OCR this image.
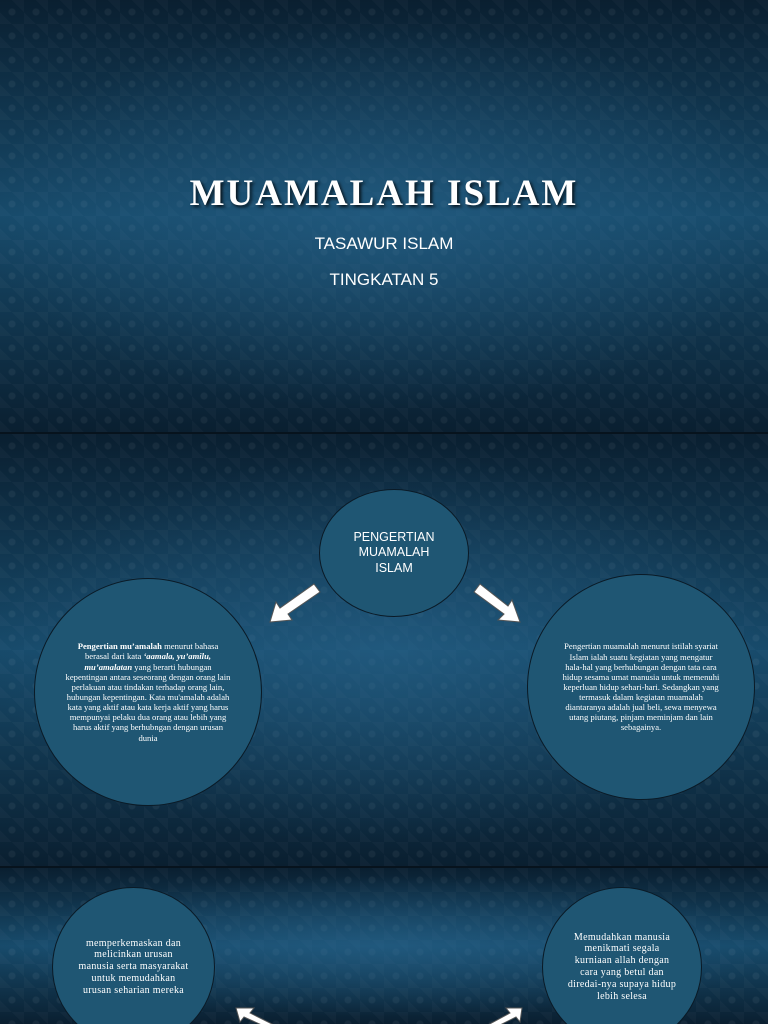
MUAMALAH ISLAM
TASAWUR ISLAM
TINGKATAN 5
PENGERTIAN MUAMALAH ISLAM
Pengertian mu’amalah menurut bahasa berasal dari kata ‘aamala, yu’amilu, mu’amalatan yang berarti hubungan kepentingan antara seseorang dengan orang lain perlakuan atau tindakan terhadap orang lain, hubungan kepentingan. Kata mu'amalah adalah kata yang aktif atau kata kerja aktif yang harus mempunyai pelaku dua orang atau lebih yang harus aktif yang berhubngan dengan urusan dunia
Pengertian muamalah menurut istilah syariat Islam ialah suatu kegiatan yang mengatur hala-hal yang berhubungan dengan tata cara hidup sesama umat manusia untuk memenuhi keperluan hidup sehari-hari. Sedangkan yang termasuk dalam kegiatan muamalah diantaranya adalah jual beli, sewa menyewa utang piutang, pinjam meminjam dan lain sebagainya.
memperkemaskan dan melicinkan urusan manusia serta masyarakat untuk memudahkan urusan seharian mereka
Memudahkan manusia menikmati segala kurniaan allah dengan cara yang betul dan diredai-nya supaya hidup lebih selesa
